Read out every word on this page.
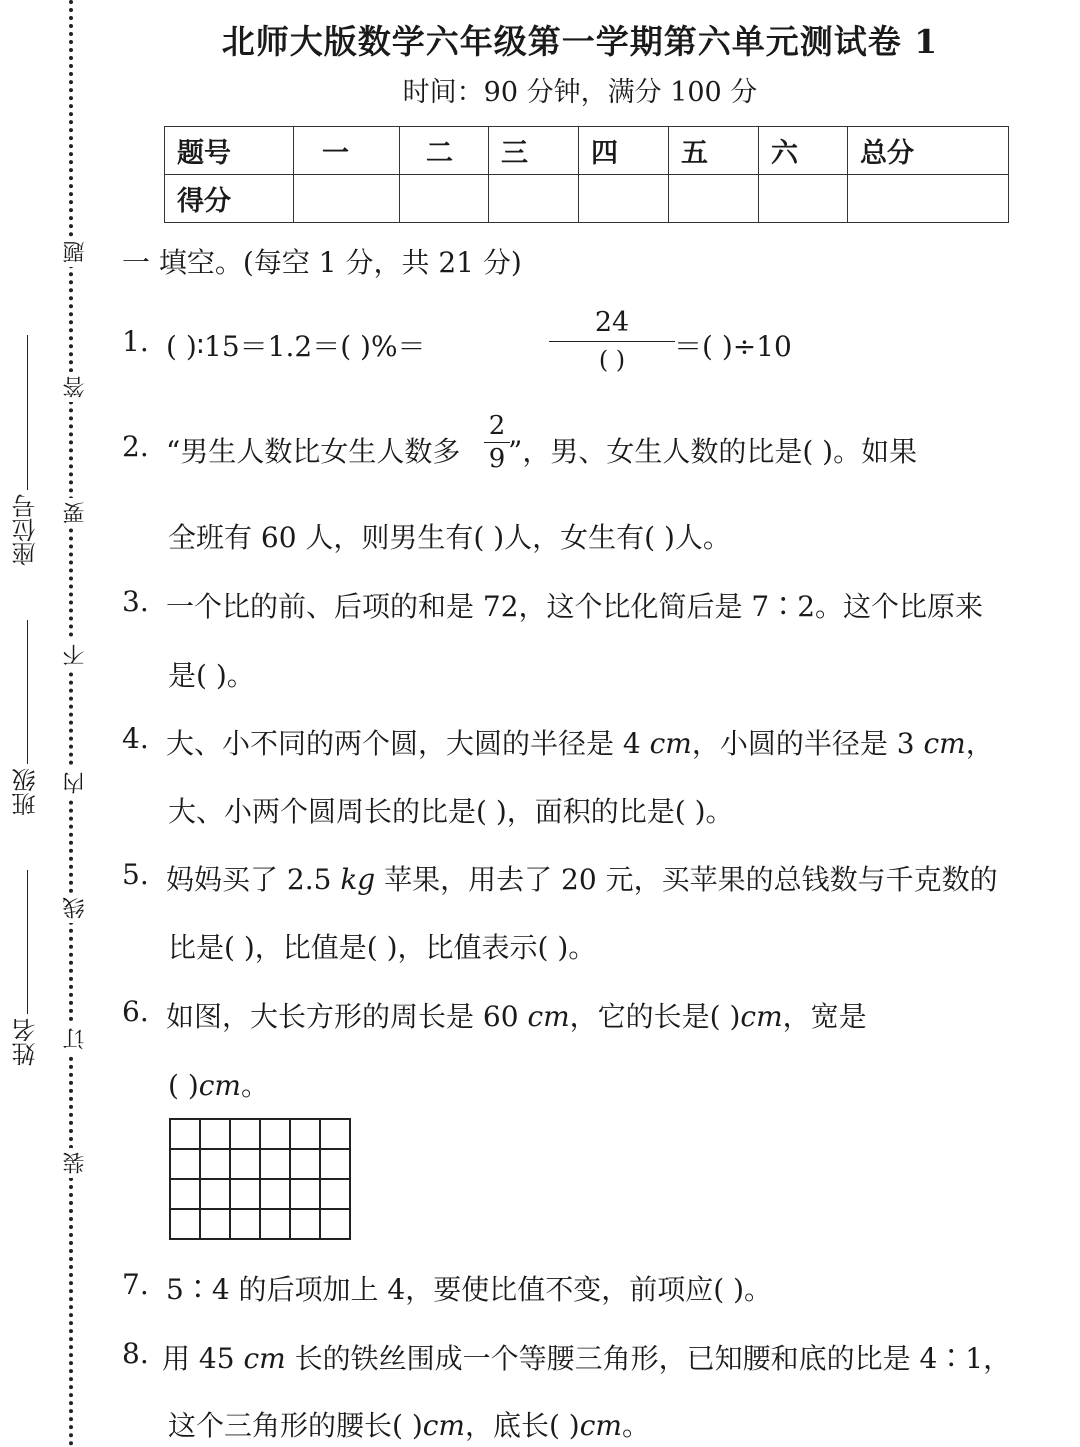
装
订
线
内
不
要
答
题
姓名
班级
座位号
北师大版数学六年级第一学期第六单元测试卷 1
时间：90 分钟，满分 100 分
题号	一	二	三	四	五	六	总分
得分							
一 填空。(每空 1 分，共 21 分)
1. ( )∶15＝1.2＝( )%＝
24
( )	＝( )÷10
2. “男生人数比女生人数多
2
9 ”，男、女生人数的比是( )。如果
全班有 60 人，则男生有( )人，女生有( )人。
3. 一个比的前、后项的和是 72，这个比化简后是 7∶2。这个比原来
是( )。
4. 大、小不同的两个圆，大圆的半径是 4 cm，小圆的半径是 3 cm，
大、小两个圆周长的比是( )，面积的比是( )。
5. 妈妈买了 2.5 kg 苹果，用去了 20 元，买苹果的总钱数与千克数的
比是( )，比值是( )，比值表示( )。
6. 如图，大长方形的周长是 60 cm，它的长是( )cm，宽是
( )cm。

7. 5∶4 的后项加上 4，要使比值不变，前项应( )。
8. 用 45 cm 长的铁丝围成一个等腰三角形，已知腰和底的比是 4∶1，
这个三角形的腰长( )cm，底长( )cm。
